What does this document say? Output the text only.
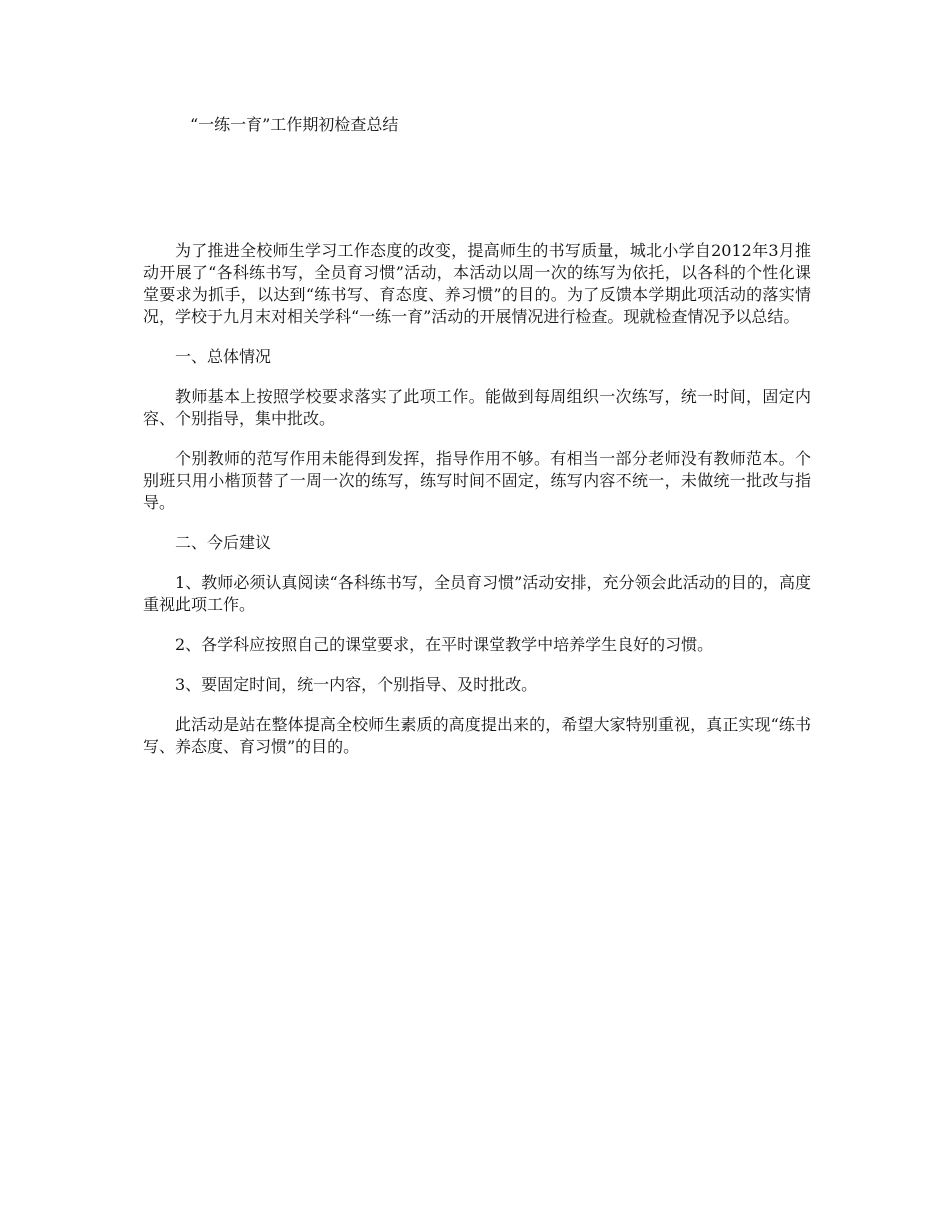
“一练一育”工作期初检查总结

为了推进全校师生学习工作态度的改变，提高师生的书写质量，城北小学自2012年3月推动开展了“各科练书写，全员育习惯”活动，本活动以周一次的练写为依托，以各科的个性化课堂要求为抓手，以达到“练书写、育态度、养习惯”的目的。为了反馈本学期此项活动的落实情况，学校于九月末对相关学科“一练一育”活动的开展情况进行检查。现就检查情况予以总结。

一、总体情况

教师基本上按照学校要求落实了此项工作。能做到每周组织一次练写，统一时间，固定内容、个别指导，集中批改。

个别教师的范写作用未能得到发挥，指导作用不够。有相当一部分老师没有教师范本。个别班只用小楷顶替了一周一次的练写，练写时间不固定，练写内容不统一，未做统一批改与指导。

二、今后建议

1、教师必须认真阅读“各科练书写，全员育习惯”活动安排，充分领会此活动的目的，高度重视此项工作。

2、各学科应按照自己的课堂要求，在平时课堂教学中培养学生良好的习惯。

3、要固定时间，统一内容，个别指导、及时批改。

此活动是站在整体提高全校师生素质的高度提出来的，希望大家特别重视，真正实现“练书写、养态度、育习惯”的目的。
